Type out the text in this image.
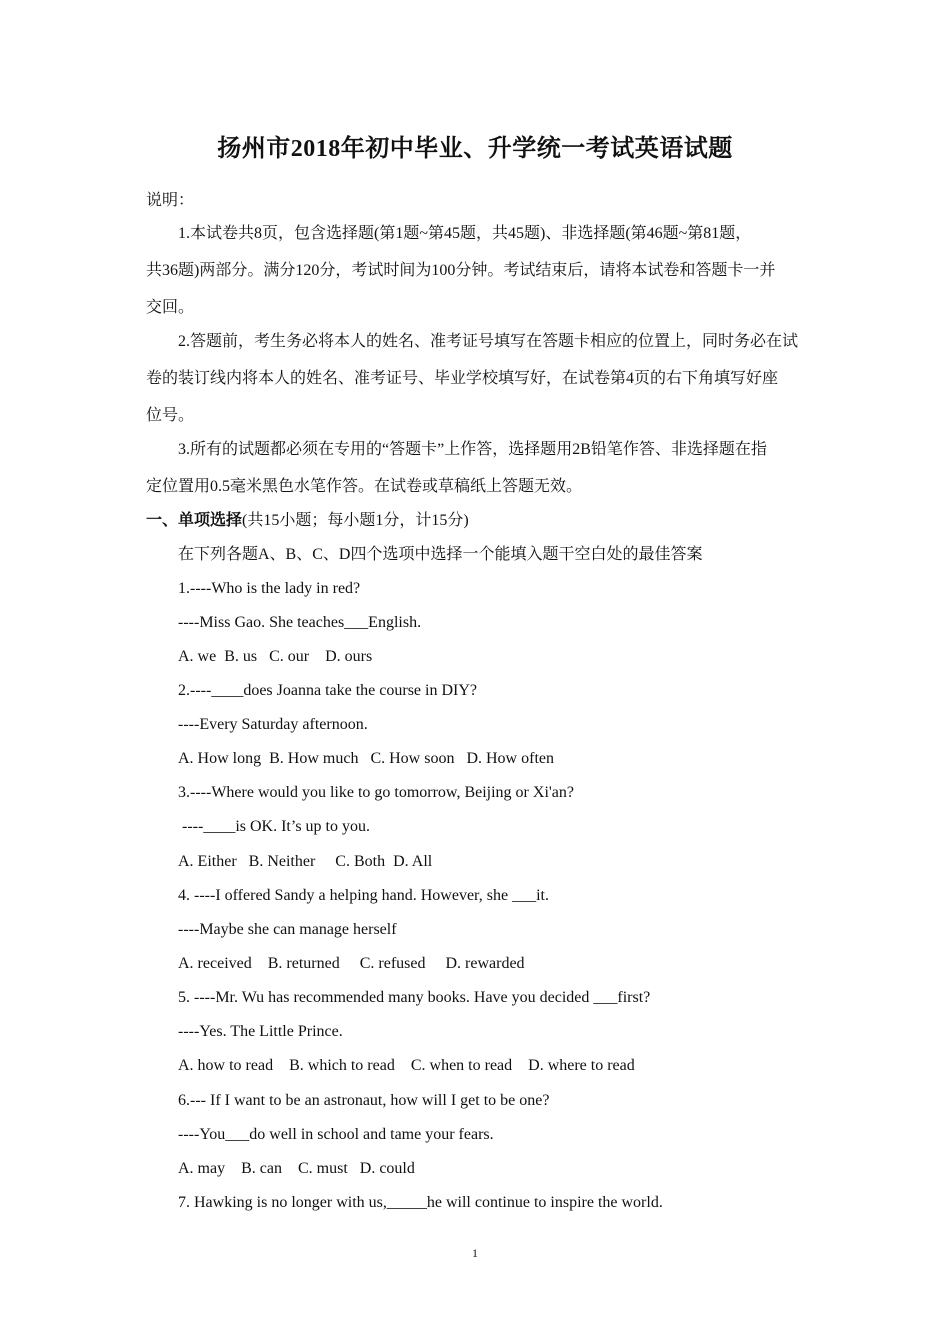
扬州市2018年初中毕业、升学统一考试英语试题
说明：
1.本试卷共8页，包含选择题(第1题~第45题，共45题)、非选择题(第46题~第81题，
共36题)两部分。满分120分，考试时间为100分钟。考试结束后，请将本试卷和答题卡一并
交回。
2.答题前，考生务必将本人的姓名、准考证号填写在答题卡相应的位置上，同时务必在试
卷的装订线内将本人的姓名、准考证号、毕业学校填写好，在试卷第4页的右下角填写好座
位号。
3.所有的试题都必须在专用的“答题卡”上作答，选择题用2B铅笔作答、非选择题在指
定位置用0.5毫米黑色水笔作答。在试卷或草稿纸上答题无效。
一、单项选择(共15小题；每小题1分，计15分)
在下列各题A、B、C、D四个选项中选择一个能填入题干空白处的最佳答案
1.----Who is the lady in red?
----Miss Gao. She teaches___English.
A. we  B. us   C. our    D. ours
2.----____does Joanna take the course in DIY?
----Every Saturday afternoon.
A. How long  B. How much   C. How soon   D. How often
3.----Where would you like to go tomorrow, Beijing or Xi'an?
----____is OK. It’s up to you.
A. Either   B. Neither     C. Both  D. All
4. ----I offered Sandy a helping hand. However, she ___it.
----Maybe she can manage herself
A. received    B. returned     C. refused     D. rewarded
5. ----Mr. Wu has recommended many books. Have you decided ___first?
----Yes. The Little Prince.
A. how to read    B. which to read    C. when to read    D. where to read
6.--- If I want to be an astronaut, how will I get to be one?
----You___do well in school and tame your fears.
A. may    B. can    C. must   D. could
7. Hawking is no longer with us,_____he will continue to inspire the world.
1
